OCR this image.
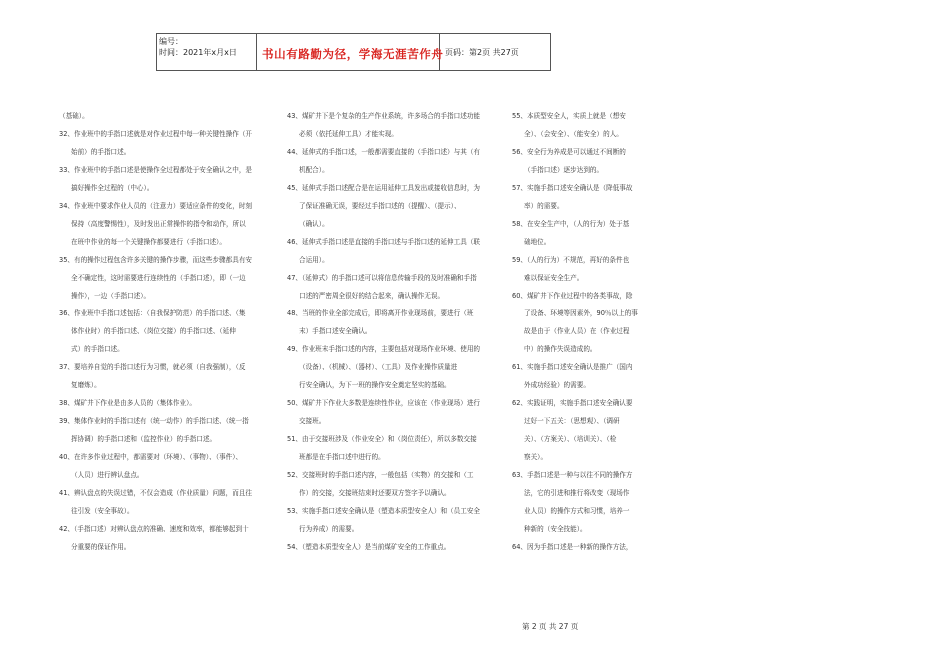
编号：
时间：2021年x月x日 书山有路勤为径，学海无涯苦作舟 页码：第2页 共27页
（基础）。
32、作业班中的手指口述就是对作业过程中每一种关键性操作（开
始前）的手指口述。
33、作业班中的手指口述是使操作全过程都处于安全确认之中，是
搞好操作全过程的（中心）。
34、作业班中要求作业人员的（注意力）要适应条件的变化，时刻
保持（高度警惕性），及时发出正常操作的指令和动作，所以
在班中作业的每一个关键操作都要进行（手指口述）。
35、有的操作过程包含许多关键的操作步骤，而这些步骤都具有安
全不确定性，这时需要进行连续性的（手指口述），即（一边
操作），一边（手指口述）。
36、作业班中手指口述包括：（自我保护防范）的手指口述、（集
体作业时）的手指口述、（岗位交接）的手指口述、（延伸
式）的手指口述。
37、要培养自觉的手指口述行为习惯，就必须（自我强制），（反
复磨炼）。
38、煤矿井下作业是由多人员的（集体作业）。
39、集体作业时的手指口述有（统一动作）的手指口述、（统一指
挥协调）的手指口述和（监控作业）的手指口述。
40、在许多作业过程中，都需要对（环境）、（事物）、（事件）、
（人员）进行辨认盘点。
41、辨认盘点的失误过错，不仅会造成（作业质量）问题，而且往
往引发（安全事故）。
42、（手指口述）对辨认盘点的准确、速度和效率，都能够起到十
分重要的保证作用。
43、煤矿井下是个复杂的生产作业系统，许多场合的手指口述功能
必须（依托延伸工具）才能实现。
44、延伸式的手指口述，一般都需要直接的（手指口述）与其（有
机配合）。
45、延伸式手指口述配合是在运用延伸工具发出或接收信息时，为
了保证准确无误，要经过手指口述的（提醒）、（提示）、
（确认）。
46、延伸式手指口述是直接的手指口述与手指口述的延伸工具（联
合运用）。
47、（延伸式）的手指口述可以将信息传输手段的及时准确和手指
口述的严密周全很好的结合起来，确认操作无误。
48、当班的作业全部完成后，即将离开作业现场前，要进行（班
末）手指口述安全确认。
49、作业班末手指口述的内容，主要包括对现场作业环境、使用的
（设备）、（机械）、（器材）、（工具）及作业操作质量进
行安全确认，为下一班的操作安全奠定坚实的基础。
50、煤矿井下作业大多数是连续性作业，应该在（作业现场）进行
交接班。
51、由于交接班涉及（作业安全）和（岗位责任），所以多数交接
班都是在手指口述中进行的。
52、交接班时的手指口述内容，一般包括（实物）的交接和（工
作）的交接，交接班结束时还要双方签字予以确认。
53、实施手指口述安全确认是（塑造本质型安全人）和（员工安全
行为养成）的需要。
54、（塑造本质型安全人）是当前煤矿安全的工作重点。
55、本质型安全人，实质上就是（想安
全）、（会安全）、（能安全）的人。
56、安全行为养成是可以通过不间断的
（手指口述）逐步达到的。
57、实施手指口述安全确认是（降低事故
率）的需要。
58、在安全生产中，（人的行为）处于基
础地位。
59、（人的行为）不规范，再好的条件也
难以保证安全生产。
60、煤矿井下作业过程中的各类事故，除
了设备、环境等因素外，90％以上的事
故是由于（作业人员）在（作业过程
中）的操作失误造成的。
61、实施手指口述安全确认是推广（国内
外成功经验）的需要。
62、实践证明，实施手指口述安全确认要
过好一下五关：（思想观）、（调研
关）、（方案关）、（培训关）、（检
察关）。
63、手指口述是一种与以往不同的操作方
法，它的引进和推行将改变（现场作
业人员）的操作方式和习惯，培养一
种新的（安全技能）。
64、因为手指口述是一种新的操作方法，
第 2 页 共 27 页
